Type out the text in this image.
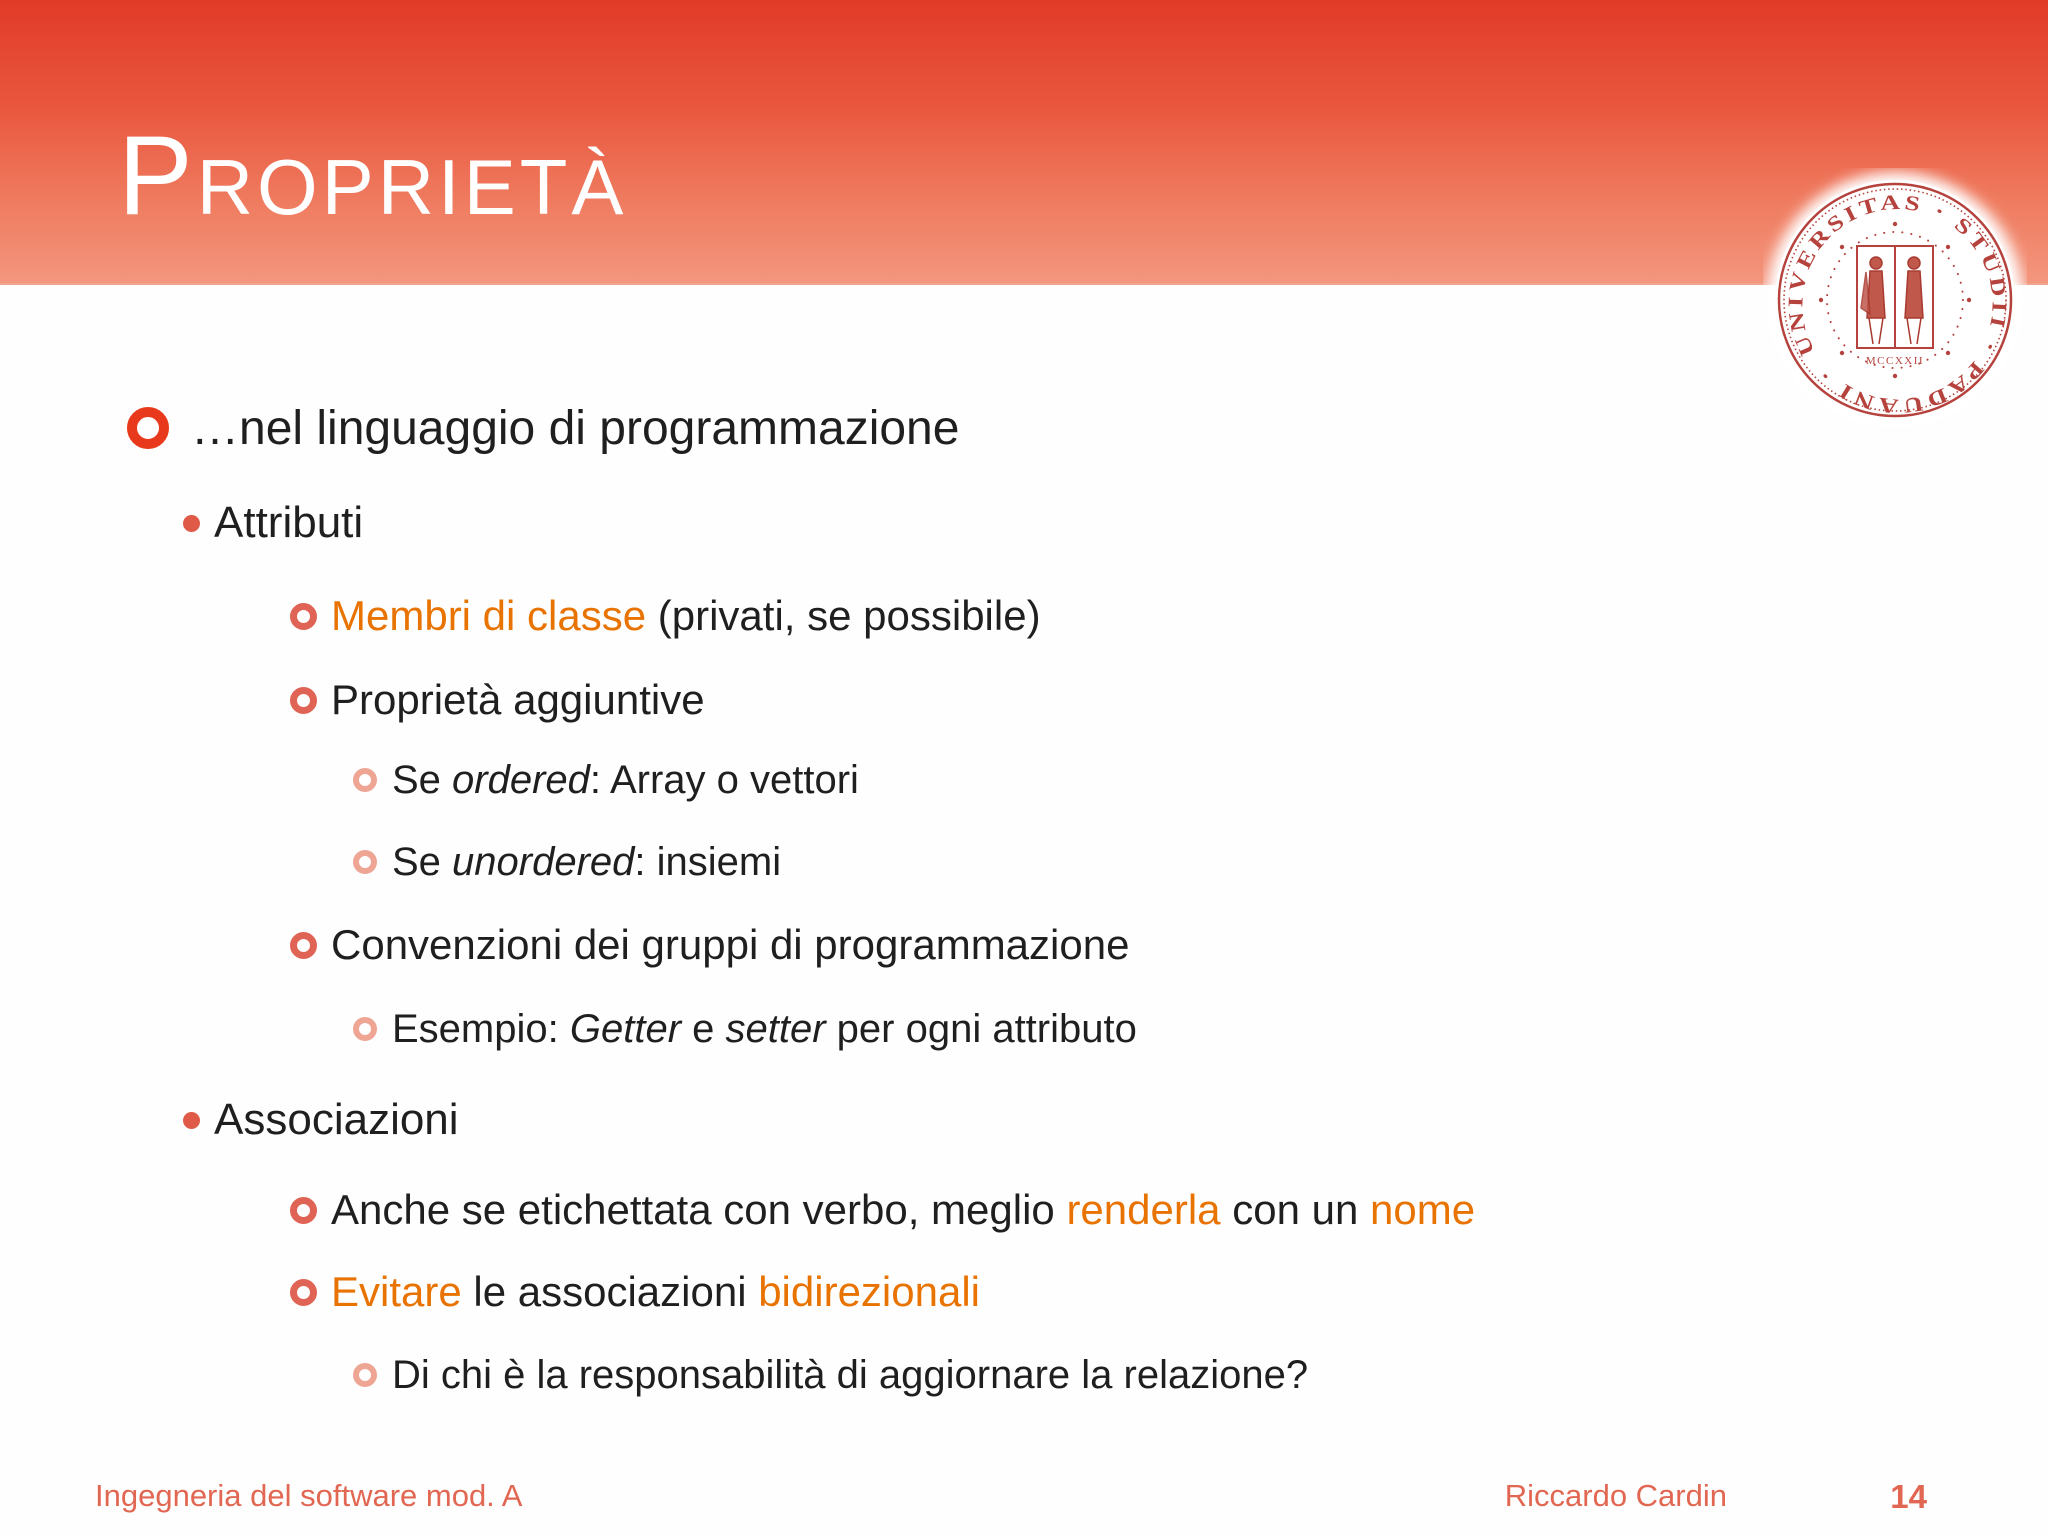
Proprietà
UNIVERSITAS · STUDII · PADUANI ·
MCCXXII
…nel linguaggio di programmazione
Attributi
Membri di classe (privati, se possibile)
Proprietà aggiuntive
Se ordered: Array o vettori
Se unordered: insiemi
Convenzioni dei gruppi di programmazione
Esempio: Getter e setter per ogni attributo
Associazioni
Anche se etichettata con verbo, meglio renderla con un nome
Evitare le associazioni bidirezionali
Di chi è la responsabilità di aggiornare la relazione?
Ingegneria del software mod. A	Riccardo Cardin	14
